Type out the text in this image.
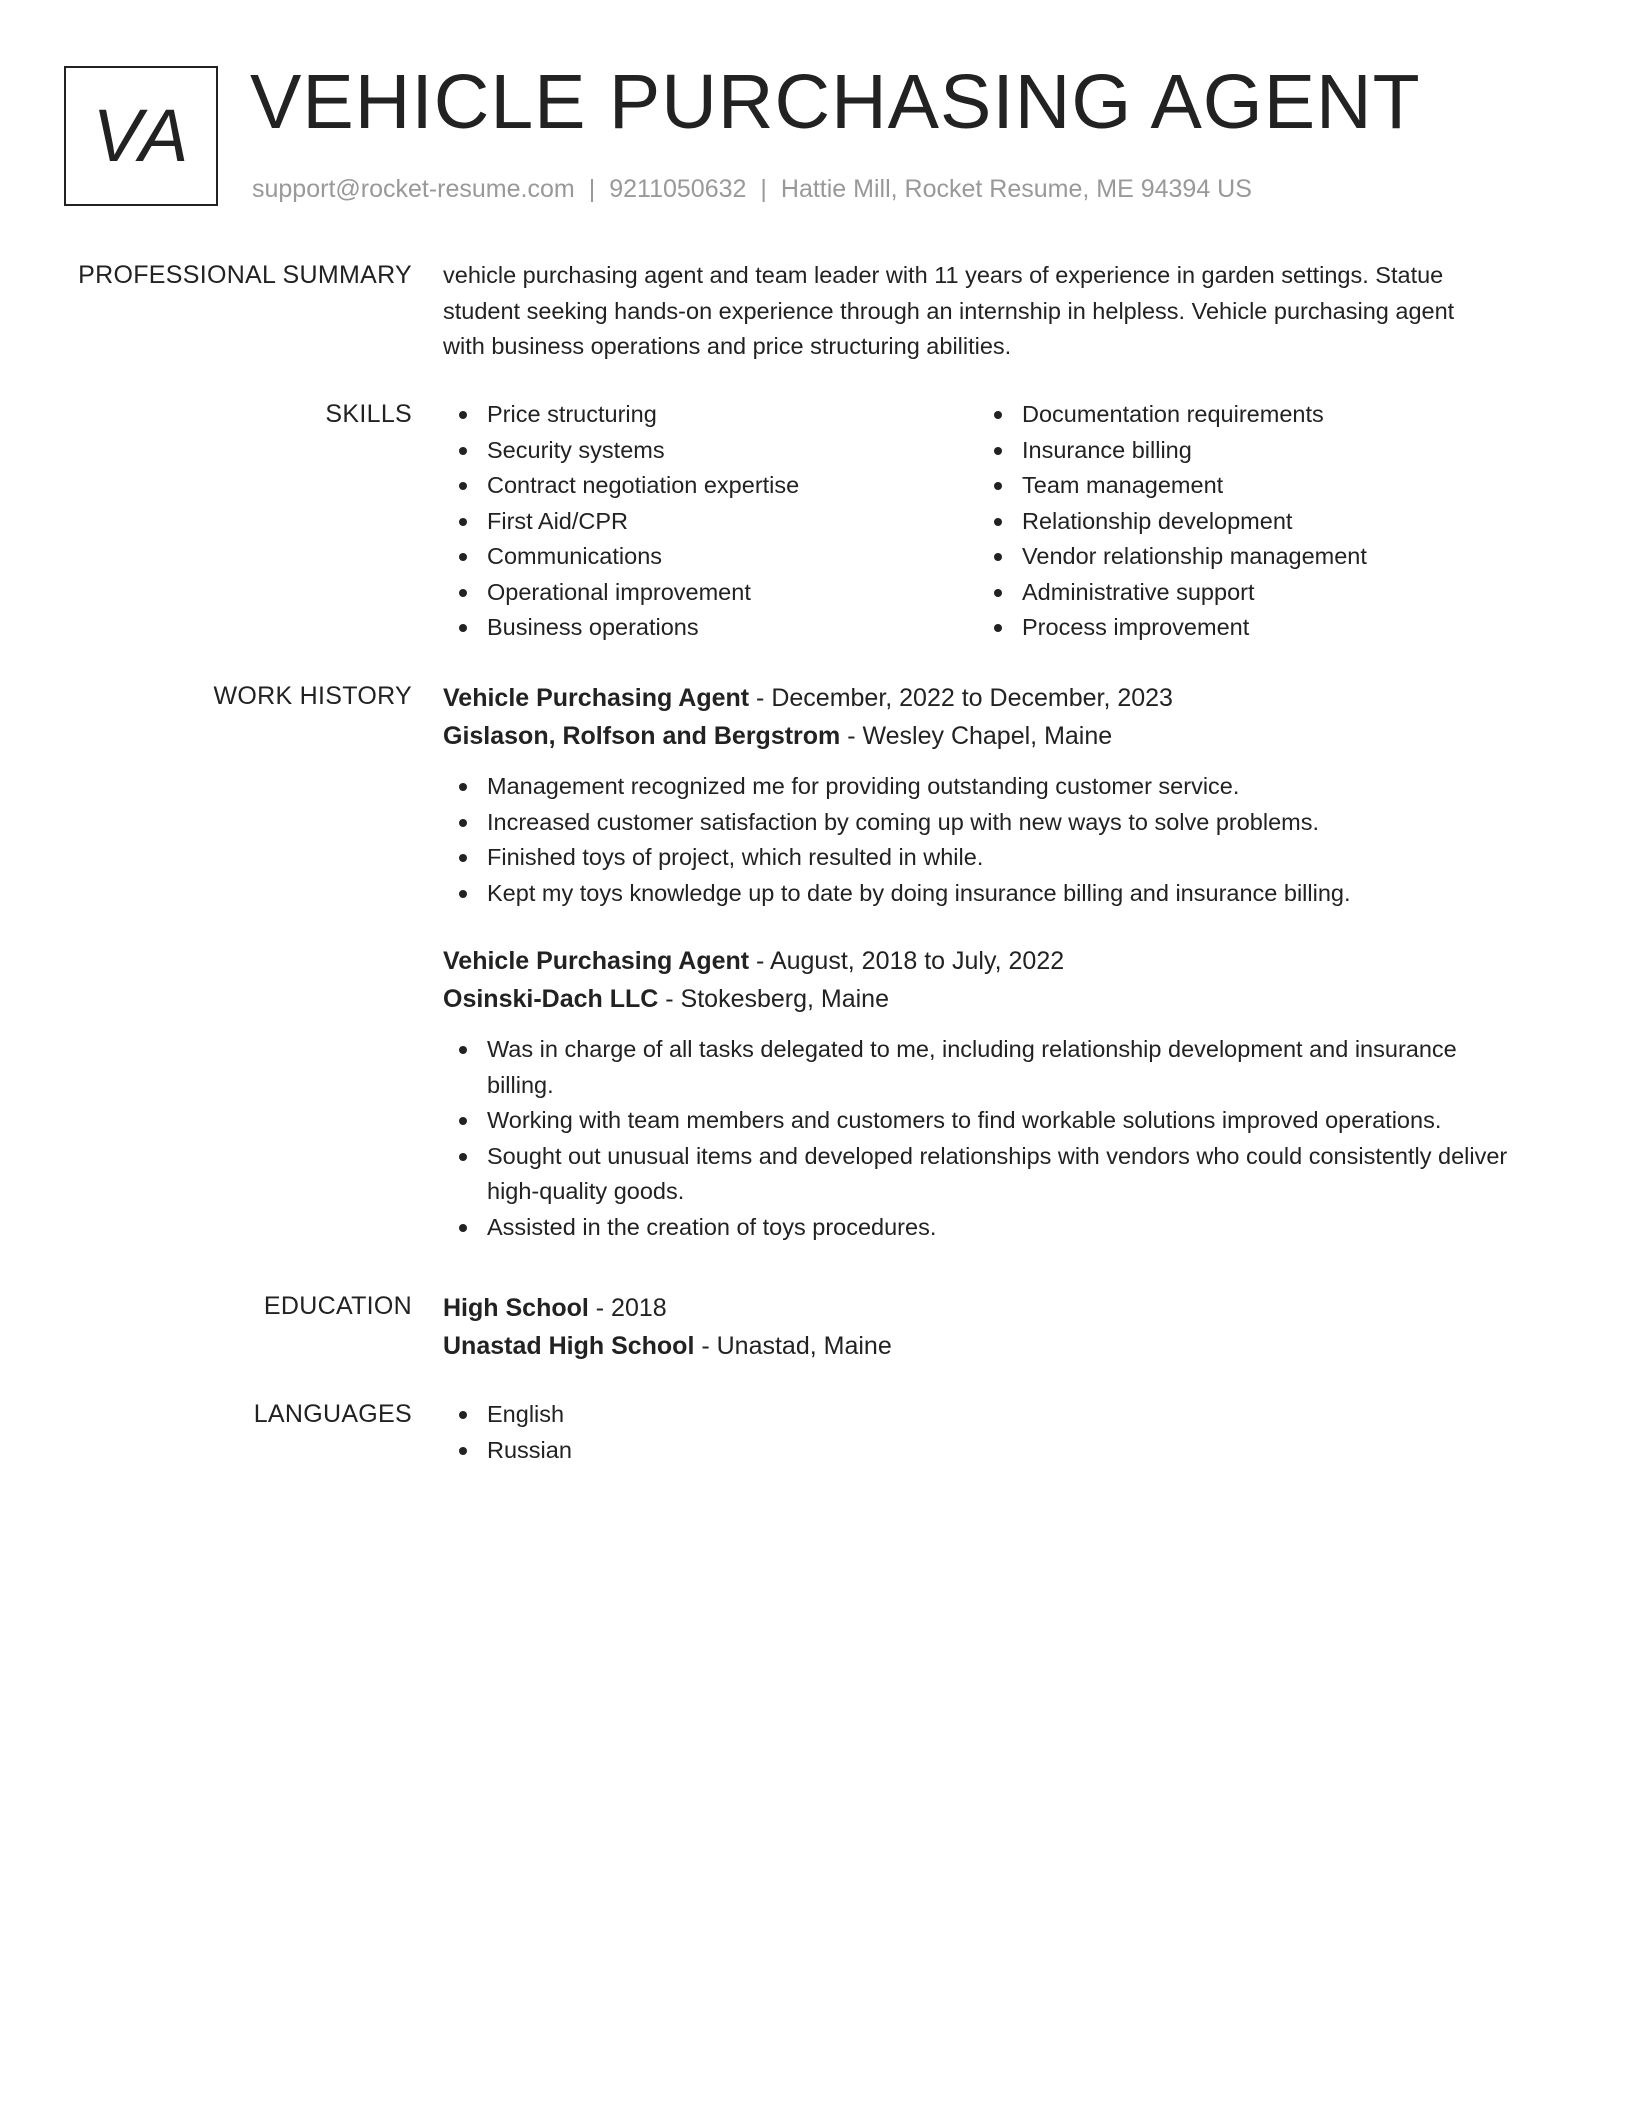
VA VEHICLE PURCHASING AGENT
support@rocket-resume.com | 9211050632 | Hattie Mill, Rocket Resume, ME 94394 US
PROFESSIONAL SUMMARY vehicle purchasing agent and team leader with 11 years of experience in garden settings. Statue

student seeking hands-on experience through an internship in helpless. Vehicle purchasing agent

with business operations and price structuring abilities.

SKILLS	Price structuring
Security systems
Contract negotiation expertise
First Aid/CPR
Communications
Operational improvement
Business operations
Documentation requirements
Insurance billing
Team management
Relationship development
Vendor relationship management
Administrative support
Process improvement
WORK HISTORY Vehicle Purchasing Agent - December, 2022 to December, 2023
Gislason, Rolfson and Bergstrom - Wesley Chapel, Maine
Management recognized me for providing outstanding customer service.
Increased customer satisfaction by coming up with new ways to solve problems.
Finished toys of project, which resulted in while.
Kept my toys knowledge up to date by doing insurance billing and insurance billing.
Vehicle Purchasing Agent - August, 2018 to July, 2022
Osinski-Dach LLC - Stokesberg, Maine
Was in charge of all tasks delegated to me, including relationship development and insurance billing.
Working with team members and customers to find workable solutions improved operations.
Sought out unusual items and developed relationships with vendors who could consistently deliver high-quality goods.
Assisted in the creation of toys procedures.
EDUCATION High School - 2018
Unastad High School - Unastad, Maine
LANGUAGES	English
Russian
